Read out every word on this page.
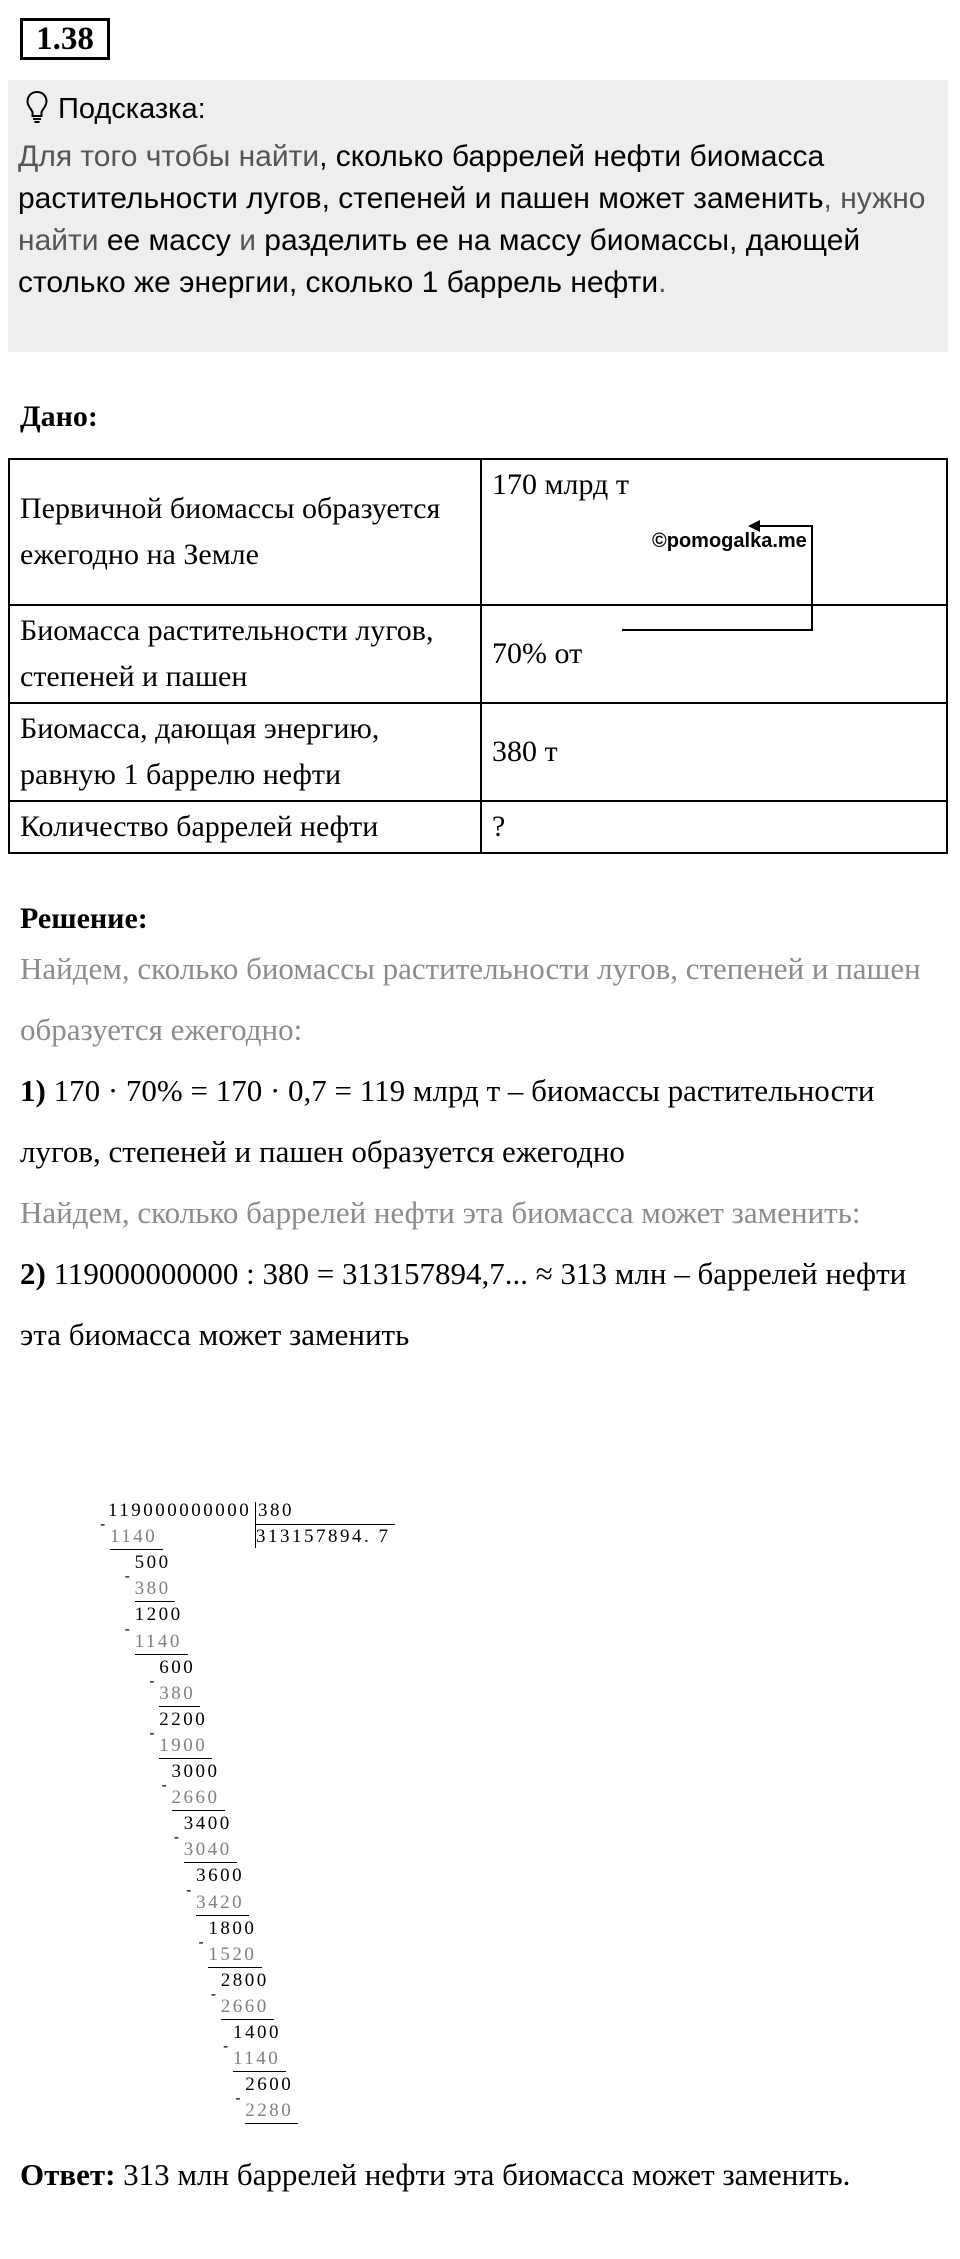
1.38
Подсказка:
Для того чтобы найти, сколько баррелей нефти биомасса растительности лугов, степеней и пашен может заменить, нужно найти ее массу и разделить ее на массу биомассы, дающей столько же энергии, сколько 1 баррель нефти.
Дано:
Первичной биомассы образуется ежегодно на Земле	170 млрд т
Биомасса растительности лугов, степеней и пашен	70% от
Биомасса, дающая энергию, равную 1 баррелю нефти	380 т
Количество баррелей нефти	?
©pomogalka.me
Решение:

Найдем, сколько биомассы растительности лугов, степеней и пашен образуется ежегодно:

1) 170 · 70% = 170 · 0,7 = 119 млрд т – биомассы растительности лугов, степеней и пашен образуется ежегодно

Найдем, сколько баррелей нефти эта биомасса может заменить:

2) 119000000000 : 380 = 313157894,7... ≈ 313 млн – баррелей нефти эта биомасса может заменить

119000000000 380
313157894. 7
-
1140
500
-
380
1200
-
1140
600
-
380
2200
-
1900
3000
-
2660
3400
-
3040
3600
-
3420
1800
-
1520
2800
-
2660
1400
-
1140
2600
-
2280
Ответ: 313 млн баррелей нефти эта биомасса может заменить.
